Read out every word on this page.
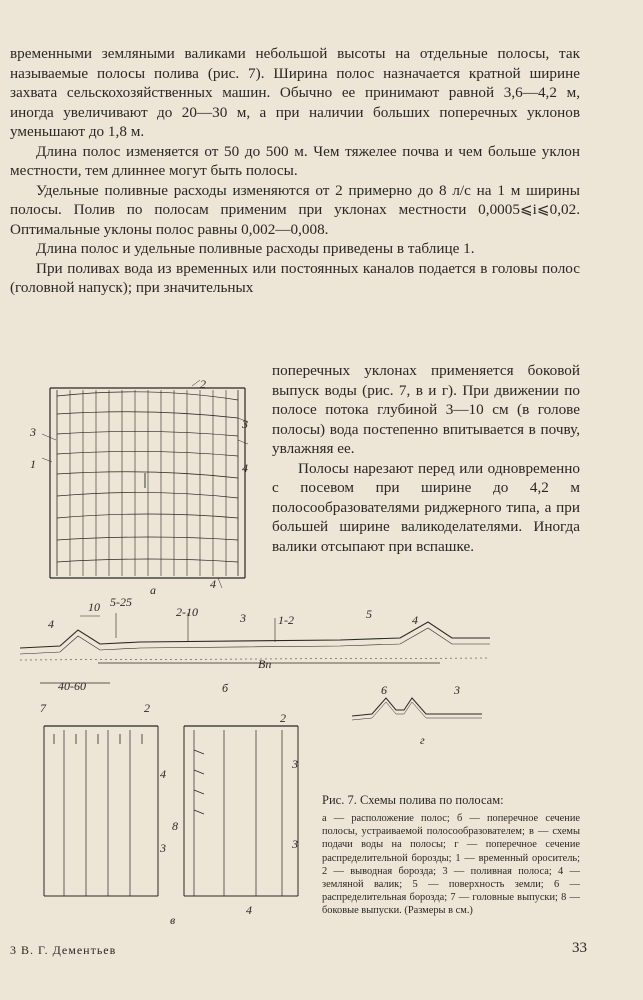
временными земляными валиками небольшой высоты на отдельные полосы, так называемые полосы полива (рис. 7). Ширина полос назначается кратной ширине захвата сельскохозяйственных машин. Обычно ее принимают равной 3,6—4,2 м, иногда увеличивают до 20—30 м, а при наличии больших поперечных уклонов уменьшают до 1,8 м.

Длина полос изменяется от 50 до 500 м. Чем тяжелее почва и чем больше уклон местности, тем длиннее могут быть полосы.

Удельные поливные расходы изменяются от 2 примерно до 8 л/с на 1 м ширины полосы. Полив по полосам применим при уклонах местности 0,0005⩽i⩽0,02. Оптимальные уклоны полос равны 0,002—0,008.

Длина полос и удельные поливные расходы приведены в таблице 1.

При поливах вода из временных или постоянных каналов подается в головы полос (головной напуск); при значительных

поперечных уклонах применяется боковой выпуск воды (рис. 7, в и г). При движении по полосе потока глубиной 3—10 см (в голове полосы) вода постепенно впитывается в почву, увлажняя ее.

Полосы нарезают перед или одновременно с посевом при ширине до 4,2 м полосообразователями риджерного типа, а при большей ширине валикоделателями. Иногда валики отсыпают при вспашке.

2
3
3
1	4
4
а
10 5-25
2-10
1-2
40-60
Bп
4	3	5	4
б	6	3
г
7	2
4
3
2
3
3
8
4
в
Рис. 7. Схемы полива по полосам:
а — расположение полос; б — поперечное сечение полосы, устраиваемой полосообразователем; в — схемы подачи воды на полосы; г — поперечное сечение распределительной борозды; 1 — временный ороситель; 2 — выводная борозда; 3 — поливная полоса; 4 — земляной валик; 5 — поверхность земли; 6 — распределительная борозда; 7 — головные выпуски; 8 — боковые выпуски. (Размеры в см.)
3 В. Г. Дементьев	33
